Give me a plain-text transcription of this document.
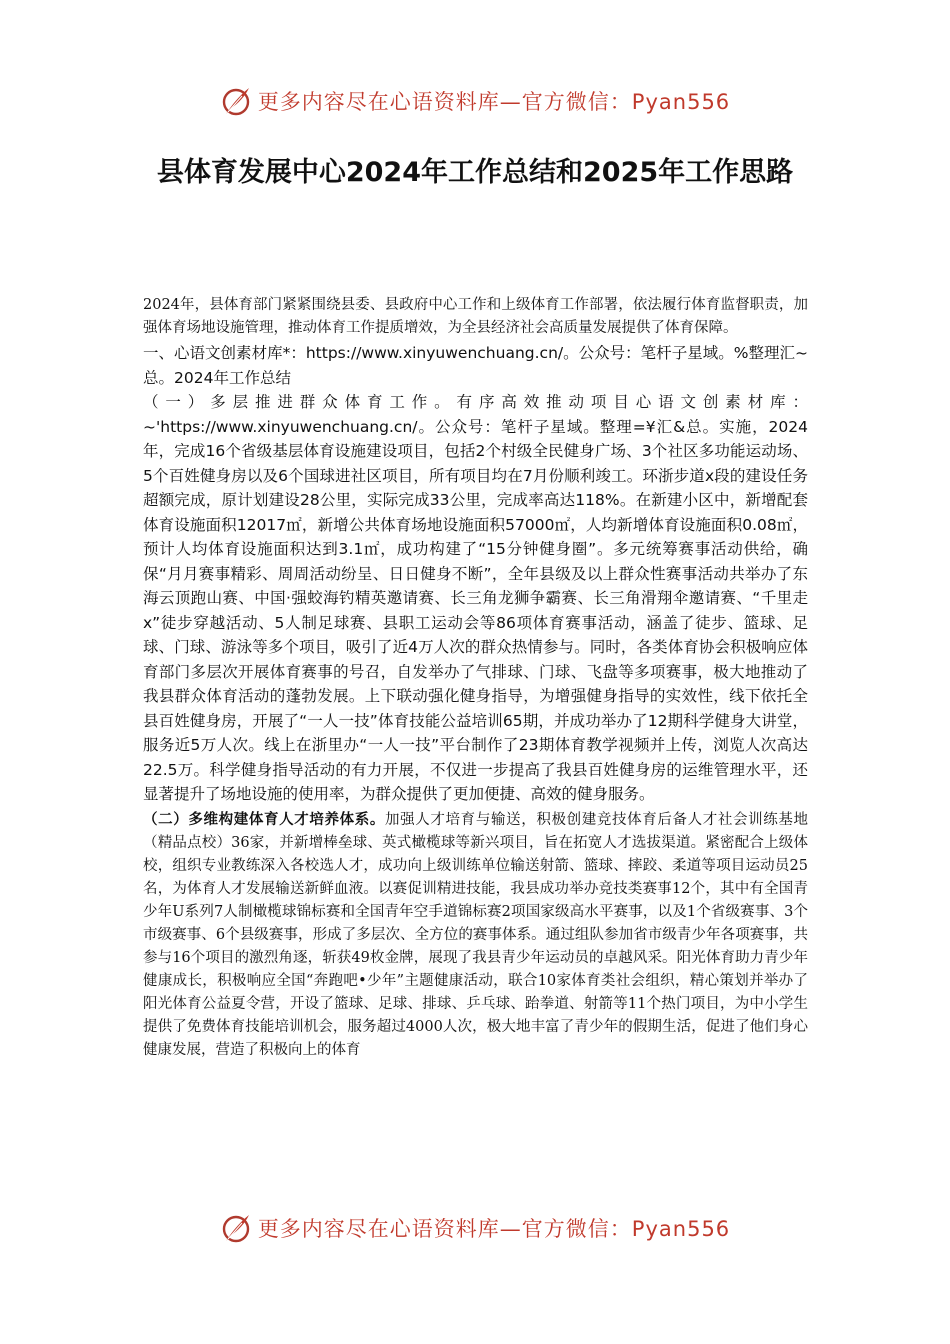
更多内容尽在心语资料库—官方微信：Pyan556
县体育发展中心2024年工作总结和2025年工作思路

2024年，县体育部门紧紧围绕县委、县政府中心工作和上级体育工作部署，依法履行体育监督职责，加强体育场地设施管理，推动体育工作提质增效，为全县经济社会高质量发展提供了体育保障。

一、心语文创素材库*：https://www.xinyuwenchuang.cn/。公众号：笔杆子星域。%整理汇~总。2024年工作总结

（一）多层推进群众体育工作。有序高效推动项目心语文创素材库：~'https://www.xinyuwenchuang.cn/。公众号：笔杆子星域。整理=¥汇&总。实施，2024年，完成16个省级基层体育设施建设项目，包括2个村级全民健身广场、3个社区多功能运动场、5个百姓健身房以及6个国球进社区项目，所有项目均在7月份顺利竣工。环浙步道x段的建设任务超额完成，原计划建设28公里，实际完成33公里，完成率高达118%。在新建小区中，新增配套体育设施面积12017㎡，新增公共体育场地设施面积57000㎡，人均新增体育设施面积0.08㎡，预计人均体育设施面积达到3.1㎡，成功构建了“15分钟健身圈”。多元统筹赛事活动供给，确保“月月赛事精彩、周周活动纷呈、日日健身不断”，全年县级及以上群众性赛事活动共举办了东海云顶跑山赛、中国·强蛟海钓精英邀请赛、长三角龙狮争霸赛、长三角滑翔伞邀请赛、“千里走x”徒步穿越活动、5人制足球赛、县职工运动会等86项体育赛事活动，涵盖了徒步、篮球、足球、门球、游泳等多个项目，吸引了近4万人次的群众热情参与。同时，各类体育协会积极响应体育部门多层次开展体育赛事的号召，自发举办了气排球、门球、飞盘等多项赛事，极大地推动了我县群众体育活动的蓬勃发展。上下联动强化健身指导，为增强健身指导的实效性，线下依托全县百姓健身房，开展了“一人一技”体育技能公益培训65期，并成功举办了12期科学健身大讲堂，服务近5万人次。线上在浙里办“一人一技”平台制作了23期体育教学视频并上传，浏览人次高达22.5万。科学健身指导活动的有力开展，不仅进一步提高了我县百姓健身房的运维管理水平，还显著提升了场地设施的使用率，为群众提供了更加便捷、高效的健身服务。

（二）多维构建体育人才培养体系。加强人才培育与输送，积极创建竞技体育后备人才社会训练基地（精品点校）36家，并新增棒垒球、英式橄榄球等新兴项目，旨在拓宽人才选拔渠道。紧密配合上级体校，组织专业教练深入各校选人才，成功向上级训练单位输送射箭、篮球、摔跤、柔道等项目运动员25名，为体育人才发展输送新鲜血液。以赛促训精进技能，我县成功举办竞技类赛事12个，其中有全国青少年U系列7人制橄榄球锦标赛和全国青年空手道锦标赛2项国家级高水平赛事，以及1个省级赛事、3个市级赛事、6个县级赛事，形成了多层次、全方位的赛事体系。通过组队参加省市级青少年各项赛事，共参与16个项目的激烈角逐，斩获49枚金牌，展现了我县青少年运动员的卓越风采。阳光体育助力青少年健康成长，积极响应全国“奔跑吧•少年”主题健康活动，联合10家体育类社会组织，精心策划并举办了阳光体育公益夏令营，开设了篮球、足球、排球、乒乓球、跆拳道、射箭等11个热门项目，为中小学生提供了免费体育技能培训机会，服务超过4000人次，极大地丰富了青少年的假期生活，促进了他们身心健康发展，营造了积极向上的体育

更多内容尽在心语资料库—官方微信：Pyan556
